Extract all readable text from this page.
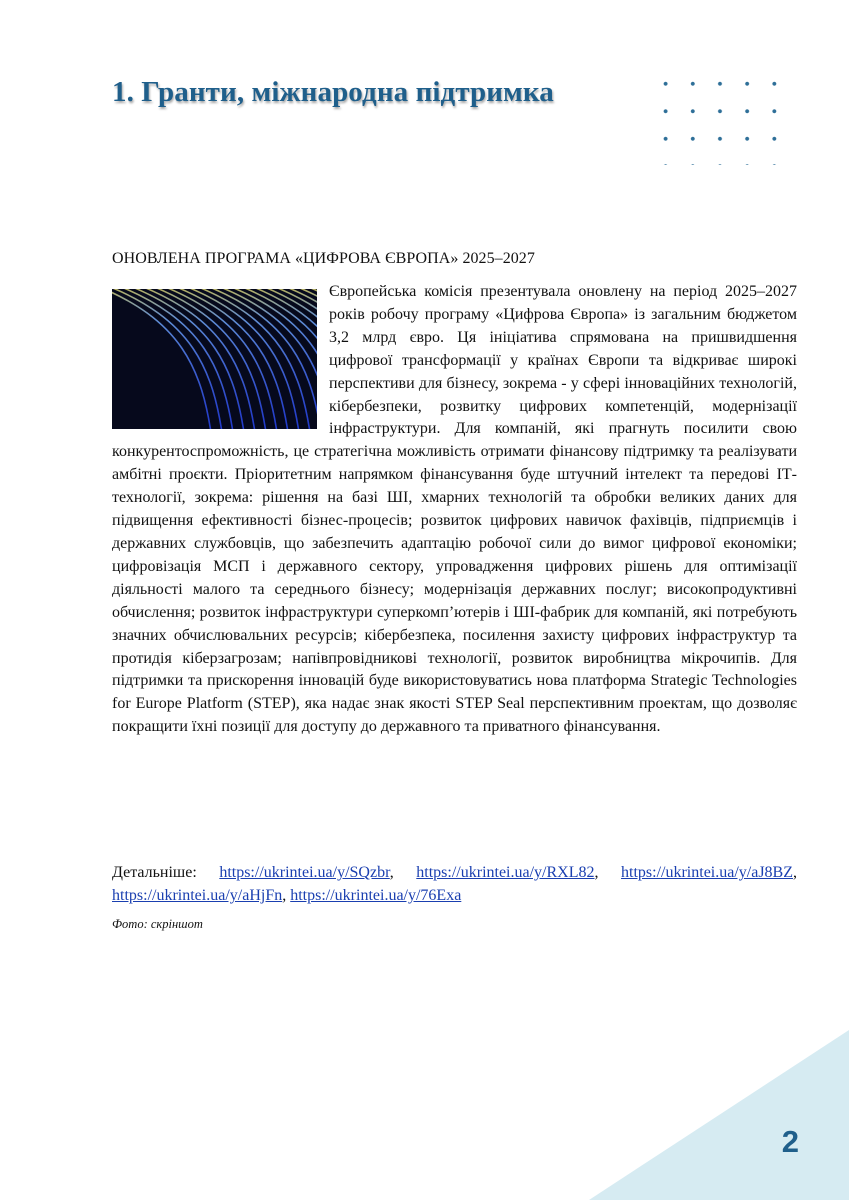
1. Гранти, міжнародна підтримка
ОНОВЛЕНА ПРОГРАМА «ЦИФРОВА ЄВРОПА» 2025–2027
Європейська комісія презентувала оновлену на період 2025–2027 років робочу програму «Цифрова Європа» із загальним бюджетом 3,2 млрд євро. Ця ініціатива спрямована на пришвидшення цифрової трансформації у країнах Європи та відкриває широкі перспективи для бізнесу, зокрема - у сфері інноваційних технологій, кібербезпеки, розвитку цифрових компетенцій, модернізації інфраструктури. Для компаній, які прагнуть посилити свою конкурентоспроможність, це стратегічна можливість отримати фінансову підтримку та реалізувати амбітні проєкти. Пріоритетним напрямком фінансування буде штучний інтелект та передові ІТ-технології, зокрема: рішення на базі ШІ, хмарних технологій та обробки великих даних для підвищення ефективності бізнес-процесів; розвиток цифрових навичок фахівців, підприємців і державних службовців, що забезпечить адаптацію робочої сили до вимог цифрової економіки; цифровізація МСП і державного сектору, упровадження цифрових рішень для оптимізації діяльності малого та середнього бізнесу; модернізація державних послуг; високопродуктивні обчислення; розвиток інфраструктури суперкомп’ютерів і ШІ-фабрик для компаній, які потребують значних обчислювальних ресурсів; кібербезпека, посилення захисту цифрових інфраструктур та протидія кіберзагрозам; напівпровідникові технології, розвиток виробництва мікрочипів. Для підтримки та прискорення інновацій буде використовуватись нова платформа Strategic Technologies for Europe Platform (STEP), яка надає знак якості STEP Seal перспективним проектам, що дозволяє покращити їхні позиції для доступу до державного та приватного фінансування.

Детальніше: https://ukrintei.ua/y/SQzbr, https://ukrintei.ua/y/RXL82, https://ukrintei.ua/y/aJ8BZ, https://ukrintei.ua/y/aHjFn, https://ukrintei.ua/y/76Exa

Фото: скріншот

2
